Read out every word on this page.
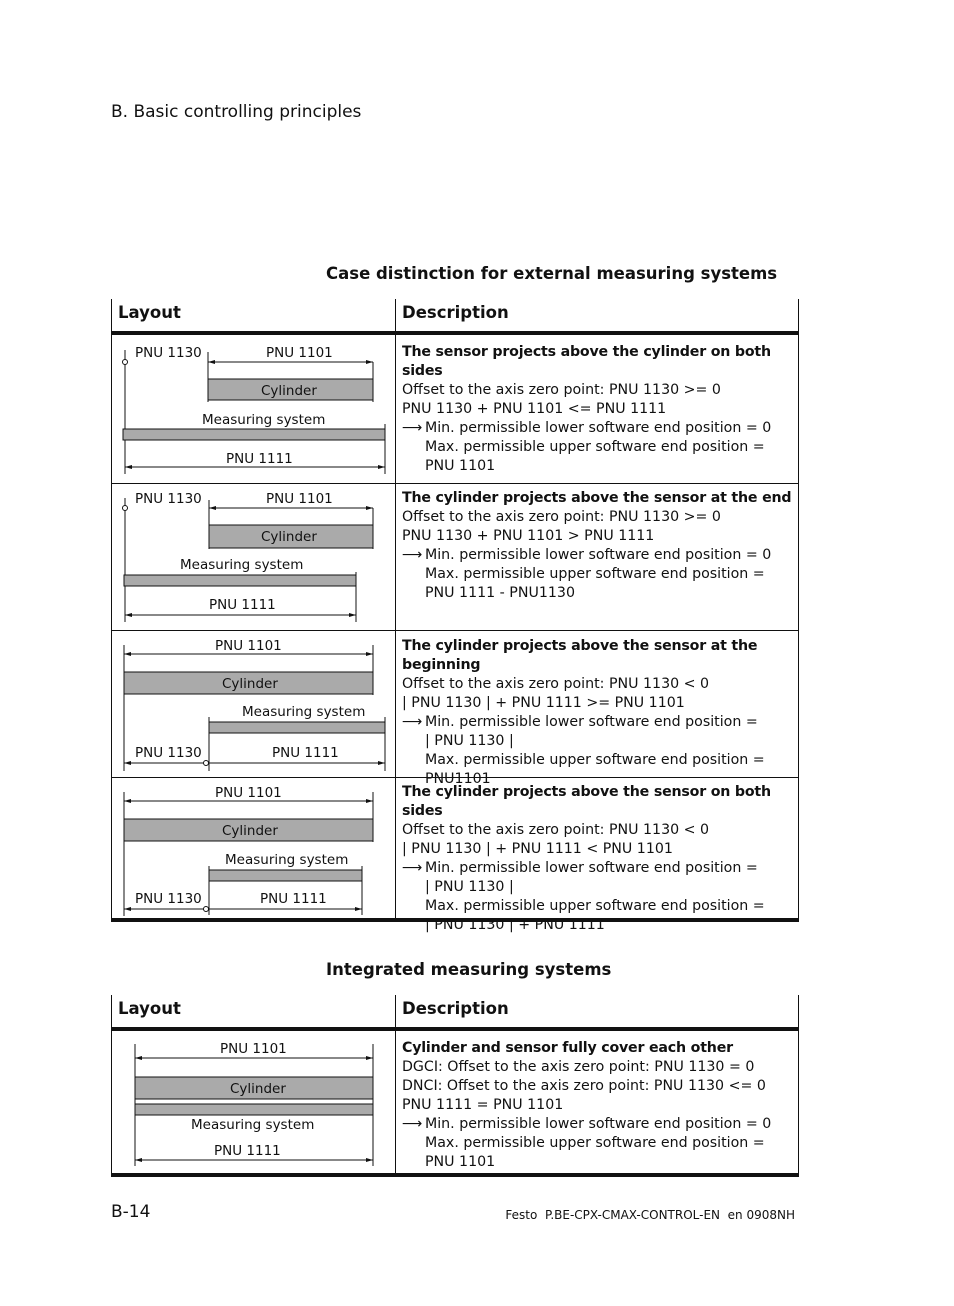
B. Basic controlling principles
Case distinction for external measuring systems
Layout	Description
PNU 1130	PNU 1101
Cylinder
Measuring system
PNU 1111
The sensor projects above the cylinder on both sides
Offset to the axis zero point: PNU 1130 >= 0
PNU 1130 + PNU 1101 <= PNU 1111
⟶ Min. permissible lower software end position = 0
Max. permissible upper software end position =
PNU 1101
PNU 1130	PNU 1101
Cylinder
Measuring system
PNU 1111
The cylinder projects above the sensor at the end
Offset to the axis zero point: PNU 1130 >= 0
PNU 1130 + PNU 1101 > PNU 1111
⟶ Min. permissible lower software end position = 0
Max. permissible upper software end position =
PNU 1111 - PNU1130
PNU 1101
Cylinder
Measuring system
PNU 1130	PNU 1111
The cylinder projects above the sensor at the beginning
Offset to the axis zero point: PNU 1130 < 0
| PNU 1130 | + PNU 1111 >= PNU 1101
⟶ Min. permissible lower software end position =
| PNU 1130 |
Max. permissible upper software end position =
PNU1101
PNU 1101
Cylinder
Measuring system
PNU 1130	PNU 1111
The cylinder projects above the sensor on both sides
Offset to the axis zero point: PNU 1130 < 0
| PNU 1130 | + PNU 1111 < PNU 1101
⟶ Min. permissible lower software end position =
| PNU 1130 |
Max. permissible upper software end position =
| PNU 1130 | + PNU 1111
Integrated measuring systems
Layout	Description
PNU 1101
Cylinder
Measuring system
PNU 1111
Cylinder and sensor fully cover each other
DGCI: Offset to the axis zero point: PNU 1130 = 0
DNCI: Offset to the axis zero point: PNU 1130 <= 0
PNU 1111 = PNU 1101
⟶ Min. permissible lower software end position = 0
Max. permissible upper software end position =
PNU 1101
B-14	Festo  P.BE-CPX-CMAX-CONTROL-EN  en 0908NH
